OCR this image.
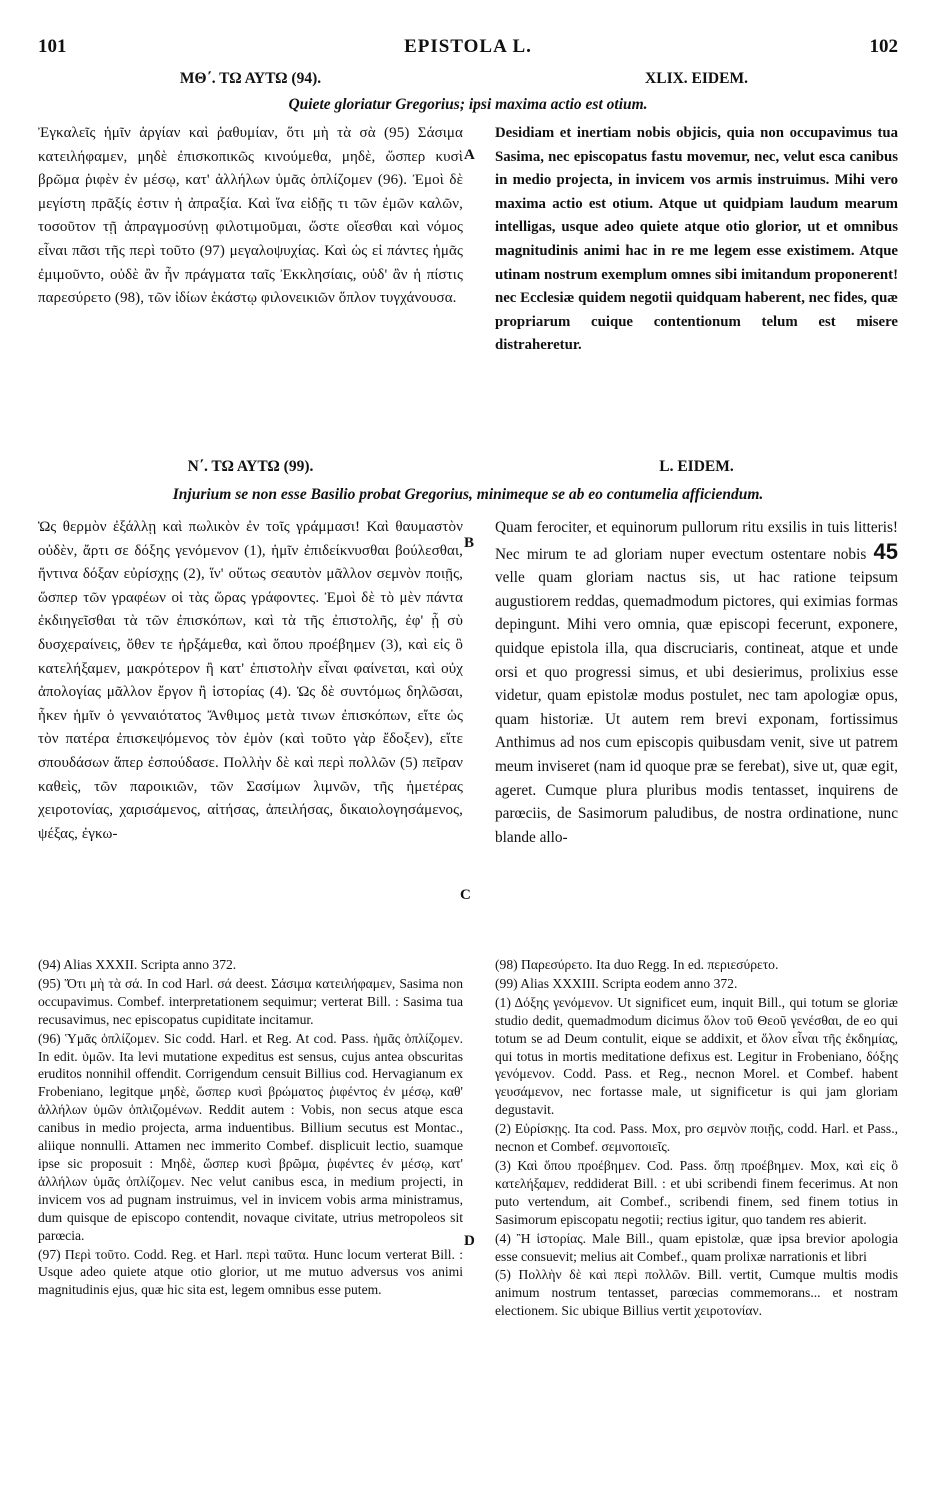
101	EPISTOLA L.	102
ΜΘ΄. ΤΩ ΑΥΤΩ (94).	XLIX. EIDEM.
Quiete gloriatur Gregorius; ipsi maxima actio est otium.

Ἐγκαλεῖς ἡμῖν ἀργίαν καὶ ῥαθυμίαν, ὅτι μὴ τὰ σὰ (95) Σάσιμα κατειλήφαμεν, μηδὲ ἐπισκοπικῶς κινούμεθα, μηδὲ, ὥσπερ κυσὶ βρῶμα ῥιφὲν ἐν μέσῳ, κατ' ἀλλήλων ὑμᾶς ὁπλίζομεν (96). Ἐμοὶ δὲ μεγίστη πρᾶξίς ἐστιν ἡ ἀπραξία. Καὶ ἵνα εἰδῇς τι τῶν ἐμῶν καλῶν, τοσοῦτον τῇ ἀπραγμοσύνῃ φιλοτιμοῦμαι, ὥστε οἴεσθαι καὶ νόμος εἶναι πᾶσι τῆς περὶ τοῦτο (97) μεγαλοψυχίας. Καὶ ὡς εἰ πάντες ἡμᾶς ἐμιμοῦντο, οὐδὲ ἂν ἦν πράγματα ταῖς Ἐκκλησίαις, οὐδ' ἂν ἡ πίστις παρεσύρετο (98), τῶν ἰδίων ἑκάστῳ φιλονεικιῶν ὅπλον τυγχάνουσα.

Desidiam et inertiam nobis objicis, quia non occupavimus tua Sasima, nec episcopatus fastu movemur, nec, velut esca canibus in medio projecta, in invicem vos armis instruimus. Mihi vero maxima actio est otium. Atque ut quidpiam laudum mearum intelligas, usque adeo quiete atque otio glorior, ut et omnibus magnitudinis animi hac in re me legem esse existimem. Atque utinam nostrum exemplum omnes sibi imitandum proponerent! nec Ecclesiæ quidem negotii quidquam haberent, nec fides, quæ propriarum cuique contentionum telum est misere distraheretur.

A
Ν΄. ΤΩ ΑΥΤΩ (99).	L. EIDEM.
Injurium se non esse Basilio probat Gregorius, minimeque se ab eo contumelia afficiendum.

Ὡς θερμὸν ἐξάλλῃ καὶ πωλικὸν ἐν τοῖς γράμμασι! Καὶ θαυμαστὸν οὐδὲν, ἄρτι σε δόξης γενόμενον (1), ἡμῖν ἐπιδείκνυσθαι βούλεσθαι, ἥντινα δόξαν εὐρίσχῃς (2), ἵν' οὕτως σεαυτὸν μᾶλλον σεμνὸν ποιῇς, ὥσπερ τῶν γραφέων οἱ τὰς ὥρας γράφοντες. Ἐμοὶ δὲ τὸ μὲν πάντα ἐκδιηγεῖσθαι τὰ τῶν ἐπισκόπων, καὶ τὰ τῆς ἐπιστολῆς, ἐφ' ᾗ σὺ δυσχεραίνεις, ὅθεν τε ἠρξάμεθα, καὶ ὅπου προέβημεν (3), καὶ εἰς ὃ κατελήξαμεν, μακρότερον ἢ κατ' ἐπιστολὴν εἶναι φαίνεται, καὶ οὐχ ἀπολογίας μᾶλλον ἔργον ἢ ἱστορίας (4). Ὡς δὲ συντόμως δηλῶσαι, ἧκεν ἡμῖν ὁ γενναιότατος Ἄνθιμος μετὰ τινων ἐπισκόπων, εἴτε ὡς τὸν πατέρα ἐπισκεψόμενος τὸν ἐμὸν (καὶ τοῦτο γὰρ ἔδοξεν), εἴτε σπουδάσων ἅπερ ἐσπούδασε. Πολλὴν δὲ καὶ περὶ πολλῶν (5) πεῖραν καθεὶς, τῶν παροικιῶν, τῶν Σασίμων λιμνῶν, τῆς ἡμετέρας χειροτονίας, χαρισάμενος, αἰτήσας, ἀπειλήσας, δικαιολογησάμενος, ψέξας, ἐγκω-

Quam ferociter, et equinorum pullorum ritu exsilis in tuis litteris! Nec mirum te ad gloriam nuper evectum ostentare nobis 45 velle quam gloriam nactus sis, ut hac ratione teipsum augustiorem reddas, quemadmodum pictores, qui eximias formas depingunt. Mihi vero omnia, quæ episcopi fecerunt, exponere, quidque epistola illa, qua discruciaris, contineat, atque et unde orsi et quo progressi simus, et ubi desierimus, prolixius esse videtur, quam epistolæ modus postulet, nec tam apologiæ opus, quam historiæ. Ut autem rem brevi exponam, fortissimus Anthimus ad nos cum episcopis quibusdam venit, sive ut patrem meum inviseret (nam id quoque præ se ferebat), sive ut, quæ egit, ageret. Cumque plura pluribus modis tentasset, inquirens de parœciis, de Sasimorum paludibus, de nostra ordinatione, nunc blande allo-

B
C
D

(94) Alias XXXII. Scripta anno 372.

(95) Ὅτι μὴ τὰ σά. In cod Harl. σά deest. Σάσιμα κατειλήφαμεν, Sasima non occupavimus. Combef. interpretationem sequimur; verterat Bill. : Sasima tua recusavimus, nec episcopatus cupiditate incitamur.

(96) Ὑμᾶς ὁπλίζομεν. Sic codd. Harl. et Reg. At cod. Pass. ἡμᾶς ὁπλίζομεν. In edit. ὑμῶν. Ita levi mutatione expeditus est sensus, cujus antea obscuritas eruditos nonnihil offendit. Corrigendum censuit Billius cod. Hervagianum ex Frobeniano, legitque μηδὲ, ὥσπερ κυσὶ βρώματος ῥιφέντος ἐν μέσῳ, καθ' ἀλλήλων ὑμῶν ὁπλιζομένων. Reddit autem : Vobis, non secus atque esca canibus in medio projecta, arma induentibus. Billium secutus est Montac., aliique nonnulli. Attamen nec immerito Combef. displicuit lectio, suamque ipse sic proposuit : Μηδὲ, ὥσπερ κυσὶ βρῶμα, ῥιφέντες ἐν μέσῳ, κατ' ἀλλήλων ὑμᾶς ὁπλίζομεν. Nec velut canibus esca, in medium projecti, in invicem vos ad pugnam instruimus, vel in invicem vobis arma ministramus, dum quisque de episcopo contendit, novaque civitate, utrius metropoleos sit parœcia.

(97) Περὶ τοῦτο. Codd. Reg. et Harl. περὶ ταῦτα. Hunc locum verterat Bill. : Usque adeo quiete atque otio glorior, ut me mutuo adversus vos animi magnitudinis ejus, quæ hic sita est, legem omnibus esse putem.

(98) Παρεσύρετο. Ita duo Regg. In ed. περιεσύρετο.

(99) Alias XXXIII. Scripta eodem anno 372.

(1) Δόξης γενόμενον. Ut significet eum, inquit Bill., qui totum se gloriæ studio dedit, quemadmodum dicimus ὅλον τοῦ Θεοῦ γενέσθαι, de eo qui totum se ad Deum contulit, eique se addixit, et ὅλον εἶναι τῆς ἐκδημίας, qui totus in mortis meditatione defixus est. Legitur in Frobeniano, δόξης γενόμενον. Codd. Pass. et Reg., necnon Morel. et Combef. habent γευσάμενον, nec fortasse male, ut significetur is qui jam gloriam degustavit.

(2) Εὑρίσκῃς. Ita cod. Pass. Mox, pro σεμνὸν ποιῇς, codd. Harl. et Pass., necnon et Combef. σεμνοποιεῖς.

(3) Καὶ ὅπου προέβημεν. Cod. Pass. ὅπῃ προέβημεν. Mox, καὶ εἰς ὃ κατελήξαμεν, reddiderat Bill. : et ubi scribendi finem fecerimus. At non puto vertendum, ait Combef., scribendi finem, sed finem totius in Sasimorum episcopatu negotii; rectius igitur, quo tandem res abierit.

(4) Ἢ ἱστορίας. Male Bill., quam epistolæ, quæ ipsa brevior apologia esse consuevit; melius ait Combef., quam prolixæ narrationis et libri

(5) Πολλὴν δὲ καὶ περὶ πολλῶν. Bill. vertit, Cumque multis modis animum nostrum tentasset, parœcias commemorans... et nostram electionem. Sic ubique Billius vertit χειροτονίαν.
